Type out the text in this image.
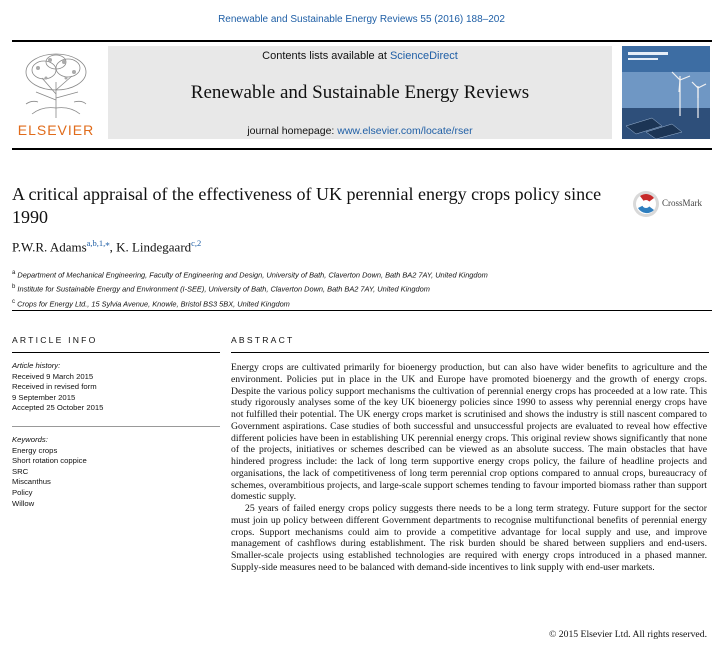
Renewable and Sustainable Energy Reviews 55 (2016) 188–202
ELSEVIER
Contents lists available at ScienceDirect
Renewable and Sustainable Energy Reviews
journal homepage: www.elsevier.com/locate/rser
A critical appraisal of the effectiveness of UK perennial energy crops policy since 1990
CrossMark
P.W.R. Adams$^{a,b,1,⁎}$, K. Lindegaard$^{c,2}$
$^a$ Department of Mechanical Engineering, Faculty of Engineering and Design, University of Bath, Claverton Down, Bath BA2 7AY, United Kingdom
$^b$ Institute for Sustainable Energy and Environment (I-SEE), University of Bath, Claverton Down, Bath BA2 7AY, United Kingdom
$^c$ Crops for Energy Ltd., 15 Sylvia Avenue, Knowle, Bristol BS3 5BX, United Kingdom
ARTICLE INFO
Article history:
Received 9 March 2015
Received in revised form
9 September 2015
Accepted 25 October 2015
Keywords:
Energy crops
Short rotation coppice
SRC
Miscanthus
Policy
Willow
ABSTRACT

Energy crops are cultivated primarily for bioenergy production, but can also have wider benefits to agriculture and the environment. Policies put in place in the UK and Europe have promoted bioenergy and the growth of energy crops. Despite the various policy support mechanisms the cultivation of perennial energy crops has proceeded at a low rate. This study rigorously analyses some of the key UK bioenergy policies since 1990 to assess why perennial energy crops have not fulfilled their potential. The UK energy crops market is scrutinised and shows the industry is still nascent compared to Government aspirations. Case studies of both successful and unsuccessful projects are evaluated to reveal how effective different policies have been in establishing UK perennial energy crops. This original review shows significantly that none of the projects, initiatives or schemes described can be viewed as an absolute success. The main obstacles that have hindered progress include: the lack of long term supportive energy crops policy, the failure of headline projects and organisations, the lack of competitiveness of long term perennial crop options compared to annual crops, bureaucracy of schemes, overambitious projects, and large-scale support schemes tending to favour imported biomass rather than support domestic supply.

25 years of failed energy crops policy suggests there needs to be a long term strategy. Future support for the sector must join up policy between different Government departments to recognise multifunctional benefits of perennial energy crops. Support mechanisms could aim to provide a competitive advantage for local supply and use, and improve management of cashflows during establishment. The risk burden should be shared between suppliers and end-users. Smaller-scale projects using established technologies are required with energy crops introduced in a phased manner. Supply-side measures need to be balanced with demand-side incentives to link supply with end-user markets.

© 2015 Elsevier Ltd. All rights reserved.
